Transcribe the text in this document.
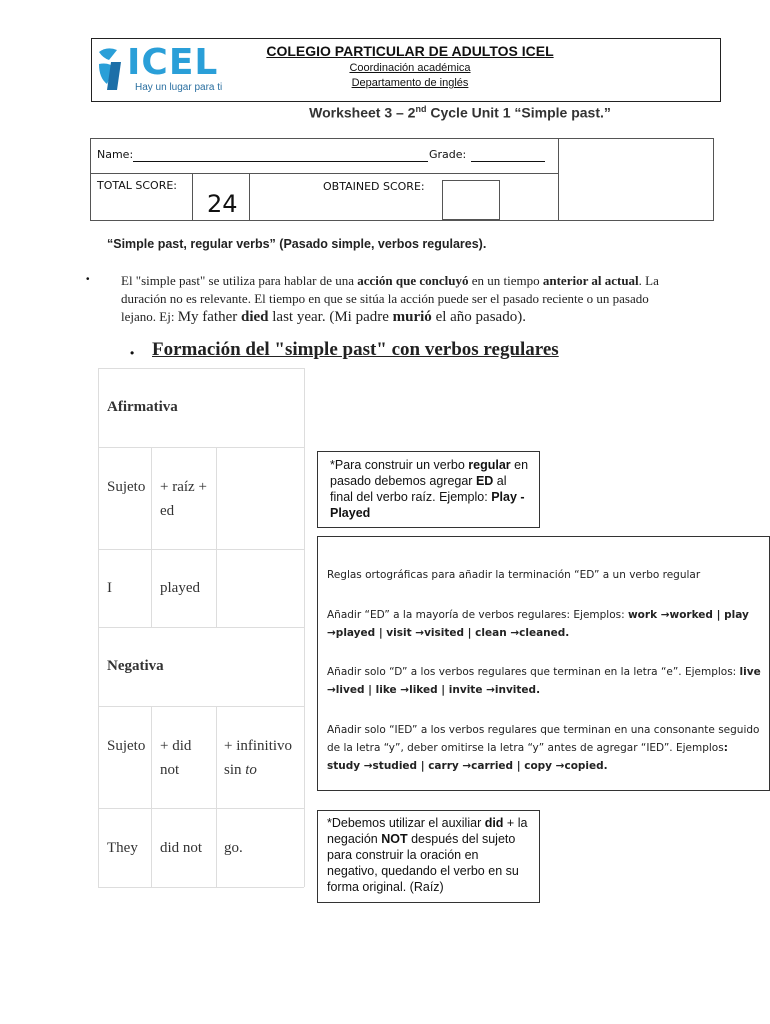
ICEL
Hay un lugar para ti
COLEGIO PARTICULAR DE ADULTOS ICEL
Coordinación académica
Departamento de inglés
Worksheet 3 – 2nd Cycle Unit 1 “Simple past.”
Name:	Grade:
TOTAL SCORE:
24
OBTAINED SCORE:
“Simple past, regular verbs” (Pasado simple, verbos regulares).
• El "simple past" se utiliza para hablar de una acción que concluyó en un tiempo anterior al actual. La duración no es relevante. El tiempo en que se sitúa la acción puede ser el pasado reciente o un pasado lejano. Ej: My father died last year. (Mi padre murió el año pasado).
• Formación del "simple past" con verbos regulares
Afirmativa
Sujeto + raíz +
ed
I	played
Negativa
Sujeto + did
not
+ infinitivo
sin to
They did not go.
*Para construir un verbo regular en pasado debemos agregar ED al final del verbo raíz. Ejemplo: Play - Played
Reglas ortográficas para añadir la terminación “ED” a un verbo regular
Añadir “ED” a la mayoría de verbos regulares: Ejemplos: work →worked | play →played | visit →visited | clean →cleaned.
Añadir solo “D” a los verbos regulares que terminan en la letra “e”. Ejemplos: live →lived | like →liked | invite →invited.
Añadir solo “IED” a los verbos regulares que terminan en una consonante seguido de la letra “y”, deber omitirse la letra “y” antes de agregar “IED”. Ejemplos: study →studied | carry →carried | copy →copied.
*Debemos utilizar el auxiliar did + la negación NOT después del sujeto para construir la oración en negativo, quedando el verbo en su forma original. (Raíz)
